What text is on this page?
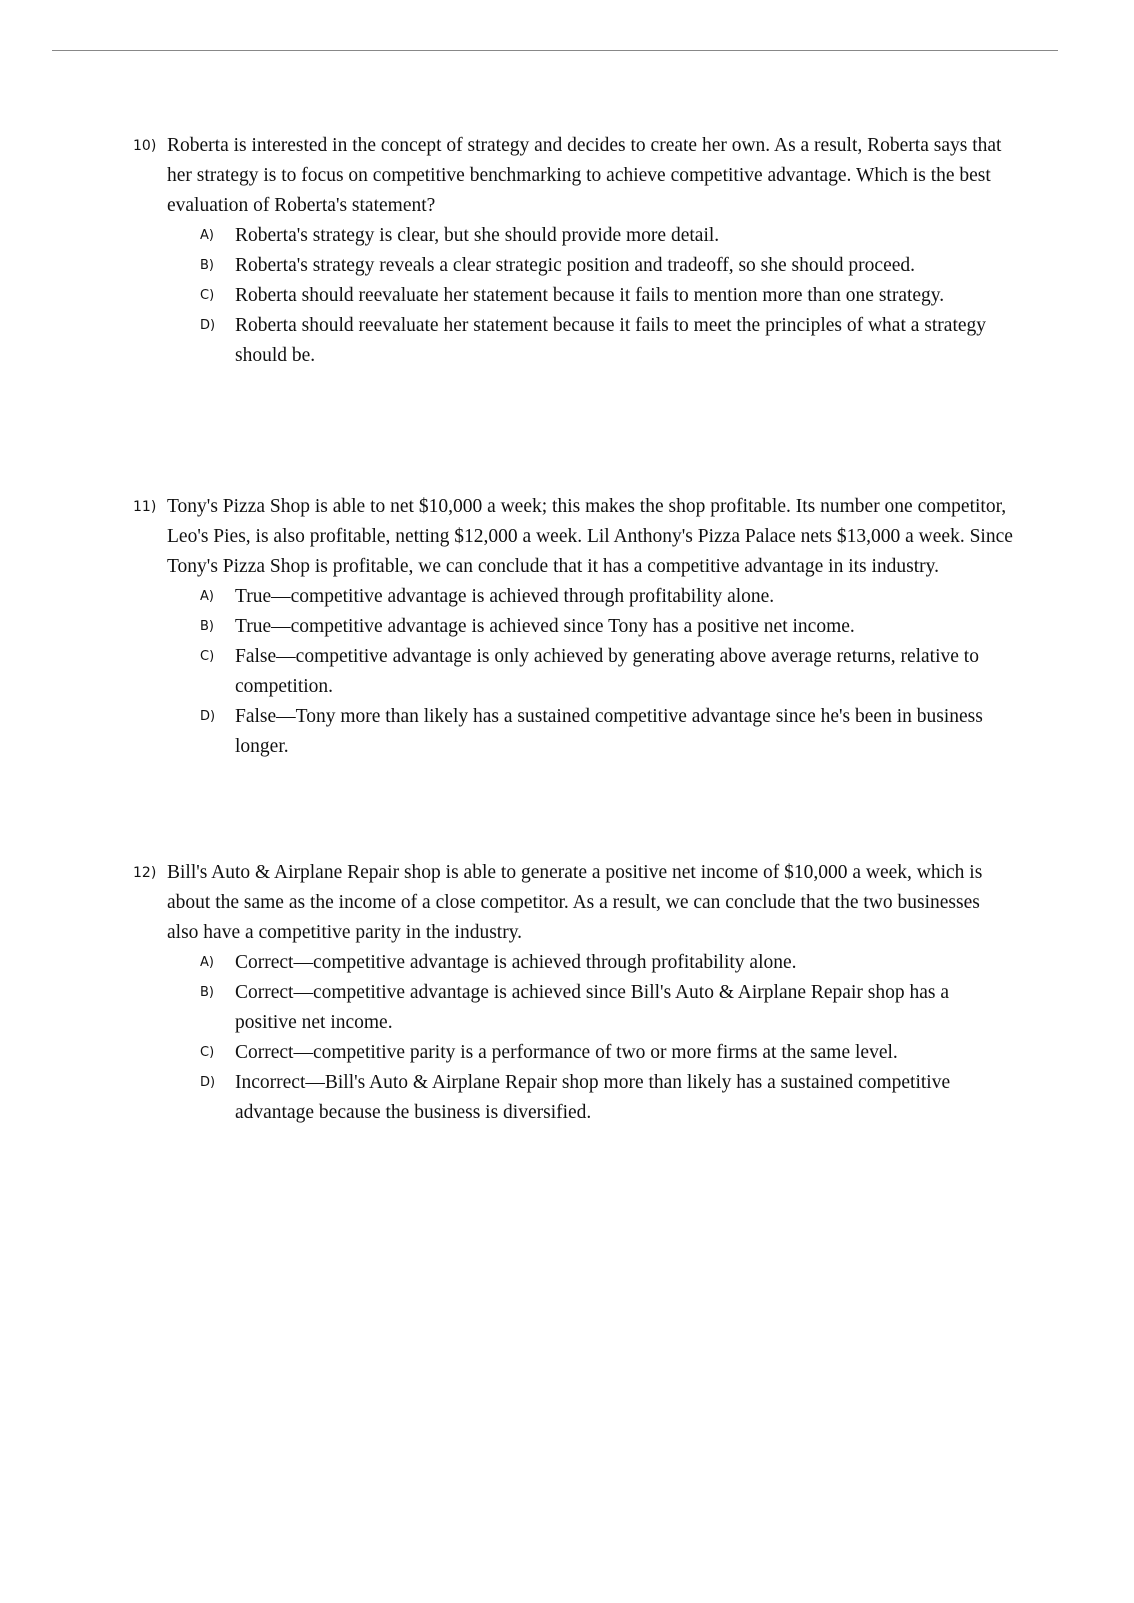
10) Roberta is interested in the concept of strategy and decides to create her own. As a result, Roberta says that her strategy is to focus on competitive benchmarking to achieve competitive advantage. Which is the best evaluation of Roberta's statement?
A)	Roberta's strategy is clear, but she should provide more detail.
B)	Roberta's strategy reveals a clear strategic position and tradeoff, so she should proceed.
C)	Roberta should reevaluate her statement because it fails to mention more than one strategy.
D)	Roberta should reevaluate her statement because it fails to meet the principles of what a strategy should be.
11) Tony's Pizza Shop is able to net $10,000 a week; this makes the shop profitable. Its number one competitor, Leo's Pies, is also profitable, netting $12,000 a week. Lil Anthony's Pizza Palace nets $13,000 a week. Since Tony's Pizza Shop is profitable, we can conclude that it has a competitive advantage in its industry.
A)	True—competitive advantage is achieved through profitability alone.
B)	True—competitive advantage is achieved since Tony has a positive net income.
C)	False—competitive advantage is only achieved by generating above average returns, relative to competition.
D)	False—Tony more than likely has a sustained competitive advantage since he's been in business longer.
12) Bill's Auto & Airplane Repair shop is able to generate a positive net income of $10,000 a week, which is about the same as the income of a close competitor. As a result, we can conclude that the two businesses also have a competitive parity in the industry.
A)	Correct—competitive advantage is achieved through profitability alone.
B)	Correct—competitive advantage is achieved since Bill's Auto & Airplane Repair shop has a positive net income.
C)	Correct—competitive parity is a performance of two or more firms at the same level.
D)	Incorrect—Bill's Auto & Airplane Repair shop more than likely has a sustained competitive advantage because the business is diversified.
